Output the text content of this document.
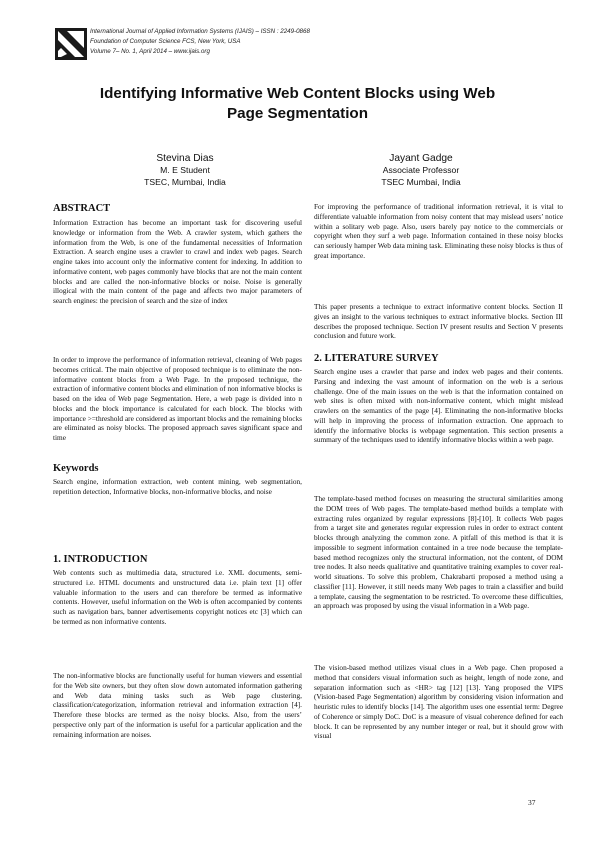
International Journal of Applied Information Systems (IJAIS) – ISSN : 2249-0868
Foundation of Computer Science FCS, New York, USA
Volume 7– No. 1, April 2014 – www.ijais.org
Identifying Informative Web Content Blocks using Web
Page Segmentation
Stevina Dias
M. E Student
TSEC, Mumbai, India
Jayant Gadge
Associate Professor
TSEC Mumbai, India
ABSTRACT

Information Extraction has become an important task for discovering useful knowledge or information from the Web. A crawler system, which gathers the information from the Web, is one of the fundamental necessities of Information Extraction. A search engine uses a crawler to crawl and index web pages. Search engine takes into account only the informative content for indexing. In addition to informative content, web pages commonly have blocks that are not the main content blocks and are called the non-informative blocks or noise. Noise is generally illogical with the main content of the page and affects two major parameters of search engines: the precision of search and the size of index

In order to improve the performance of information retrieval, cleaning of Web pages becomes critical. The main objective of proposed technique is to eliminate the non-informative content blocks from a Web Page. In the proposed technique, the extraction of informative content blocks and elimination of non informative blocks is based on the idea of Web page Segmentation. Here, a web page is divided into n blocks and the block importance is calculated for each block. The blocks with importance >=threshold are considered as important blocks and the remaining blocks are eliminated as noisy blocks. The proposed approach saves significant space and time

Keywords

Search engine, information extraction, web content mining, web segmentation, repetition detection, Informative blocks, non-informative blocks, and noise

1. INTRODUCTION

Web contents such as multimedia data, structured i.e. XML documents, semi-structured i.e. HTML documents and unstructured data i.e. plain text [1] offer valuable information to the users and can therefore be termed as informative contents. However, useful information on the Web is often accompanied by contents such as navigation bars, banner advertisements copyright notices etc [3] which can be termed as non informative contents.

The non-informative blocks are functionally useful for human viewers and essential for the Web site owners, but they often slow down automated information gathering and Web data mining tasks such as Web page clustering, classification/categorization, information retrieval and information extraction [4]. Therefore these blocks are termed as the noisy blocks. Also, from the users’ perspective only part of the information is useful for a particular application and the remaining information are noises.

For improving the performance of traditional information retrieval, it is vital to differentiate valuable information from noisy content that may mislead users’ notice within a solitary web page. Also, users barely pay notice to the commercials or copyright when they surf a web page. Information contained in these noisy blocks can seriously hamper Web data mining task. Eliminating these noisy blocks is thus of great importance.

This paper presents a technique to extract informative content blocks. Section II gives an insight to the various techniques to extract informative blocks. Section III describes the proposed technique. Section IV present results and Section V presents conclusion and future work.

2. LITERATURE SURVEY

Search engine uses a crawler that parse and index web pages and their contents. Parsing and indexing the vast amount of information on the web is a serious challenge. One of the main issues on the web is that the information contained on web sites is often mixed with non-informative content, which might mislead crawlers on the semantics of the page [4]. Eliminating the non-informative blocks will help in improving the process of information extraction. One approach to identify the informative blocks is webpage segmentation. This section presents a summary of the techniques used to identify informative blocks within a web page.

The template-based method focuses on measuring the structural similarities among the DOM trees of Web pages. The template-based method builds a template with extracting rules organized by regular expressions [8]-[10]. It collects Web pages from a target site and generates regular expression rules in order to extract content blocks through analyzing the common zone. A pitfall of this method is that it is impossible to segment information contained in a tree node because the template-based method recognizes only the structural information, not the content, of DOM tree nodes. It also needs qualitative and quantitative training examples to cover real-world situations. To solve this problem, Chakrabarti proposed a method using a classifier [11]. However, it still needs many Web pages to train a classifier and build a template, causing the segmentation to be restricted. To overcome these difficulties, an approach was proposed by using the visual information in a Web page.

The vision-based method utilizes visual clues in a Web page. Chen proposed a method that considers visual information such as height, length of node zone, and separation information such as <HR> tag [12] [13]. Yang proposed the VIPS (Vision-based Page Segmentation) algorithm by considering vision information and heuristic rules to identify blocks [14]. The algorithm uses one essential term: Degree of Coherence or simply DoC. DoC is a measure of visual coherence defined for each block. It can be represented by any number integer or real, but it should grow with visual

37
